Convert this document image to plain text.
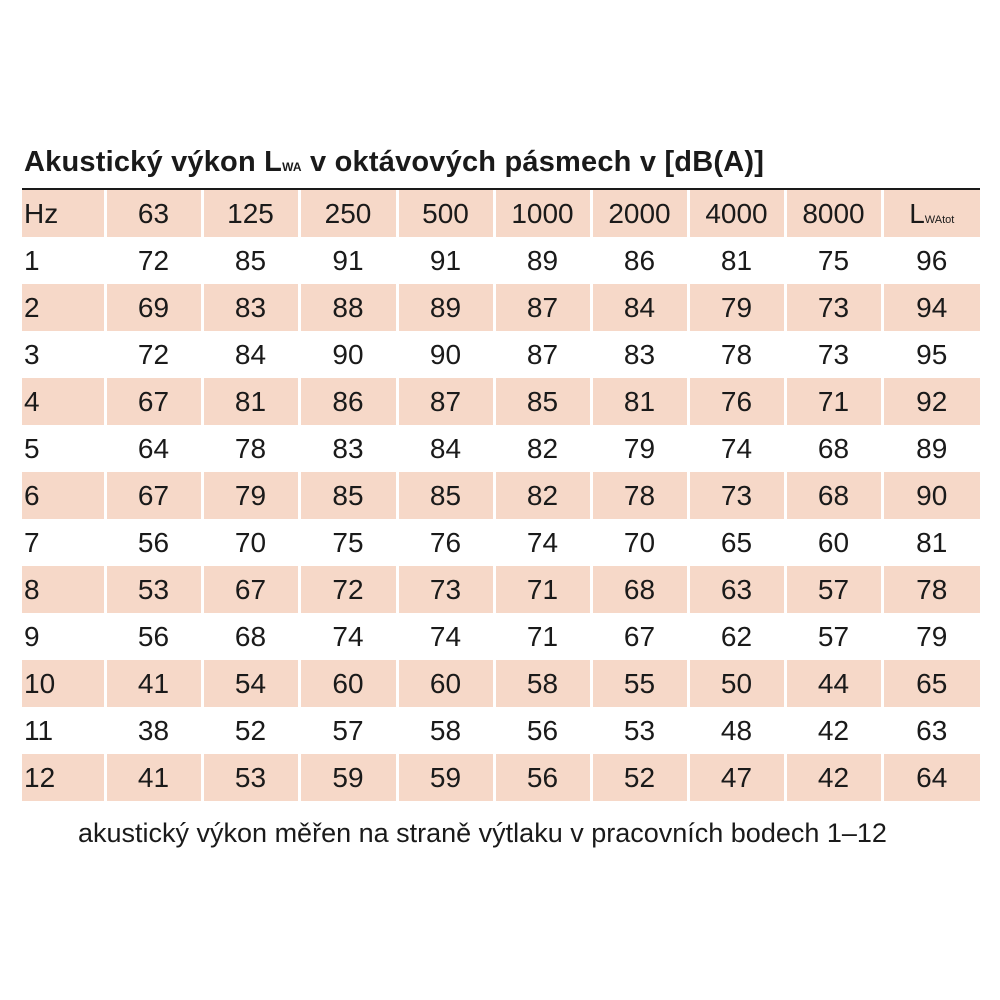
Akustický výkon LWA v oktávových pásmech v [dB(A)]
Hz	63	125	250	500	1000	2000	4000	8000	LWAtot
1	72	85	91	91	89	86	81	75	96
2	69	83	88	89	87	84	79	73	94
3	72	84	90	90	87	83	78	73	95
4	67	81	86	87	85	81	76	71	92
5	64	78	83	84	82	79	74	68	89
6	67	79	85	85	82	78	73	68	90
7	56	70	75	76	74	70	65	60	81
8	53	67	72	73	71	68	63	57	78
9	56	68	74	74	71	67	62	57	79
10	41	54	60	60	58	55	50	44	65
11	38	52	57	58	56	53	48	42	63
12	41	53	59	59	56	52	47	42	64
akustický výkon měřen na straně výtlaku v pracovních bodech 1–12
